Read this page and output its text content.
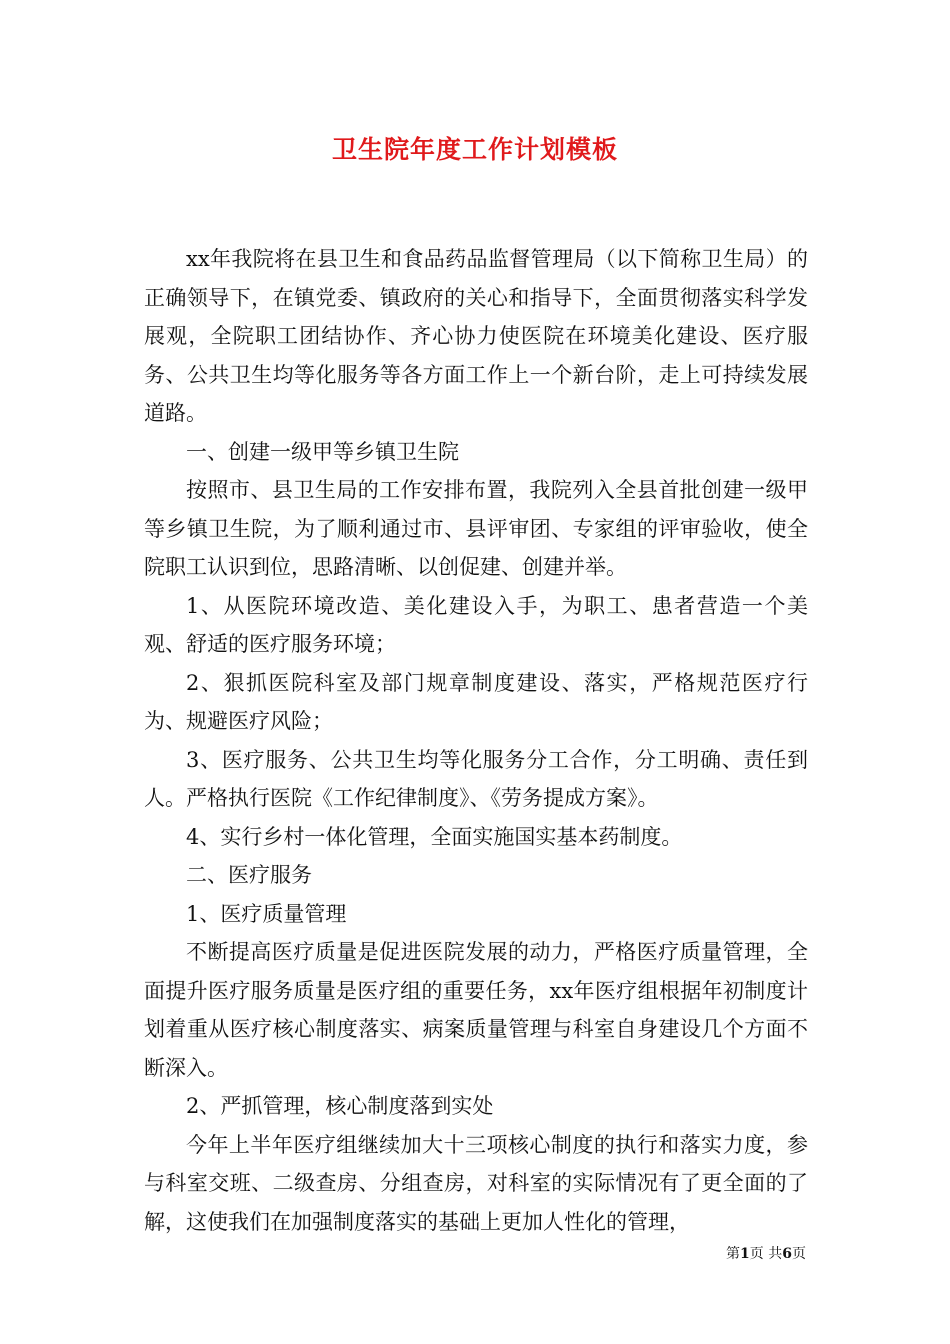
卫生院年度工作计划模板

xx年我院将在县卫生和食品药品监督管理局（以下简称卫生局）的正确领导下，在镇党委、镇政府的关心和指导下，全面贯彻落实科学发展观，全院职工团结协作、齐心协力使医院在环境美化建设、医疗服务、公共卫生均等化服务等各方面工作上一个新台阶，走上可持续发展道路。

一、创建一级甲等乡镇卫生院

按照市、县卫生局的工作安排布置，我院列入全县首批创建一级甲等乡镇卫生院，为了顺利通过市、县评审团、专家组的评审验收，使全院职工认识到位，思路清晰、以创促建、创建并举。

1、从医院环境改造、美化建设入手，为职工、患者营造一个美观、舒适的医疗服务环境；

2、狠抓医院科室及部门规章制度建设、落实，严格规范医疗行为、规避医疗风险；

3、医疗服务、公共卫生均等化服务分工合作，分工明确、责任到人。严格执行医院《工作纪律制度》、《劳务提成方案》。

4、实行乡村一体化管理，全面实施国实基本药制度。

二、医疗服务

1、医疗质量管理

不断提高医疗质量是促进医院发展的动力，严格医疗质量管理，全面提升医疗服务质量是医疗组的重要任务，xx年医疗组根据年初制度计划着重从医疗核心制度落实、病案质量管理与科室自身建设几个方面不断深入。

2、严抓管理，核心制度落到实处

今年上半年医疗组继续加大十三项核心制度的执行和落实力度，参与科室交班、二级查房、分组查房，对科室的实际情况有了更全面的了解，这使我们在加强制度落实的基础上更加人性化的管理，

第1页 共6页
